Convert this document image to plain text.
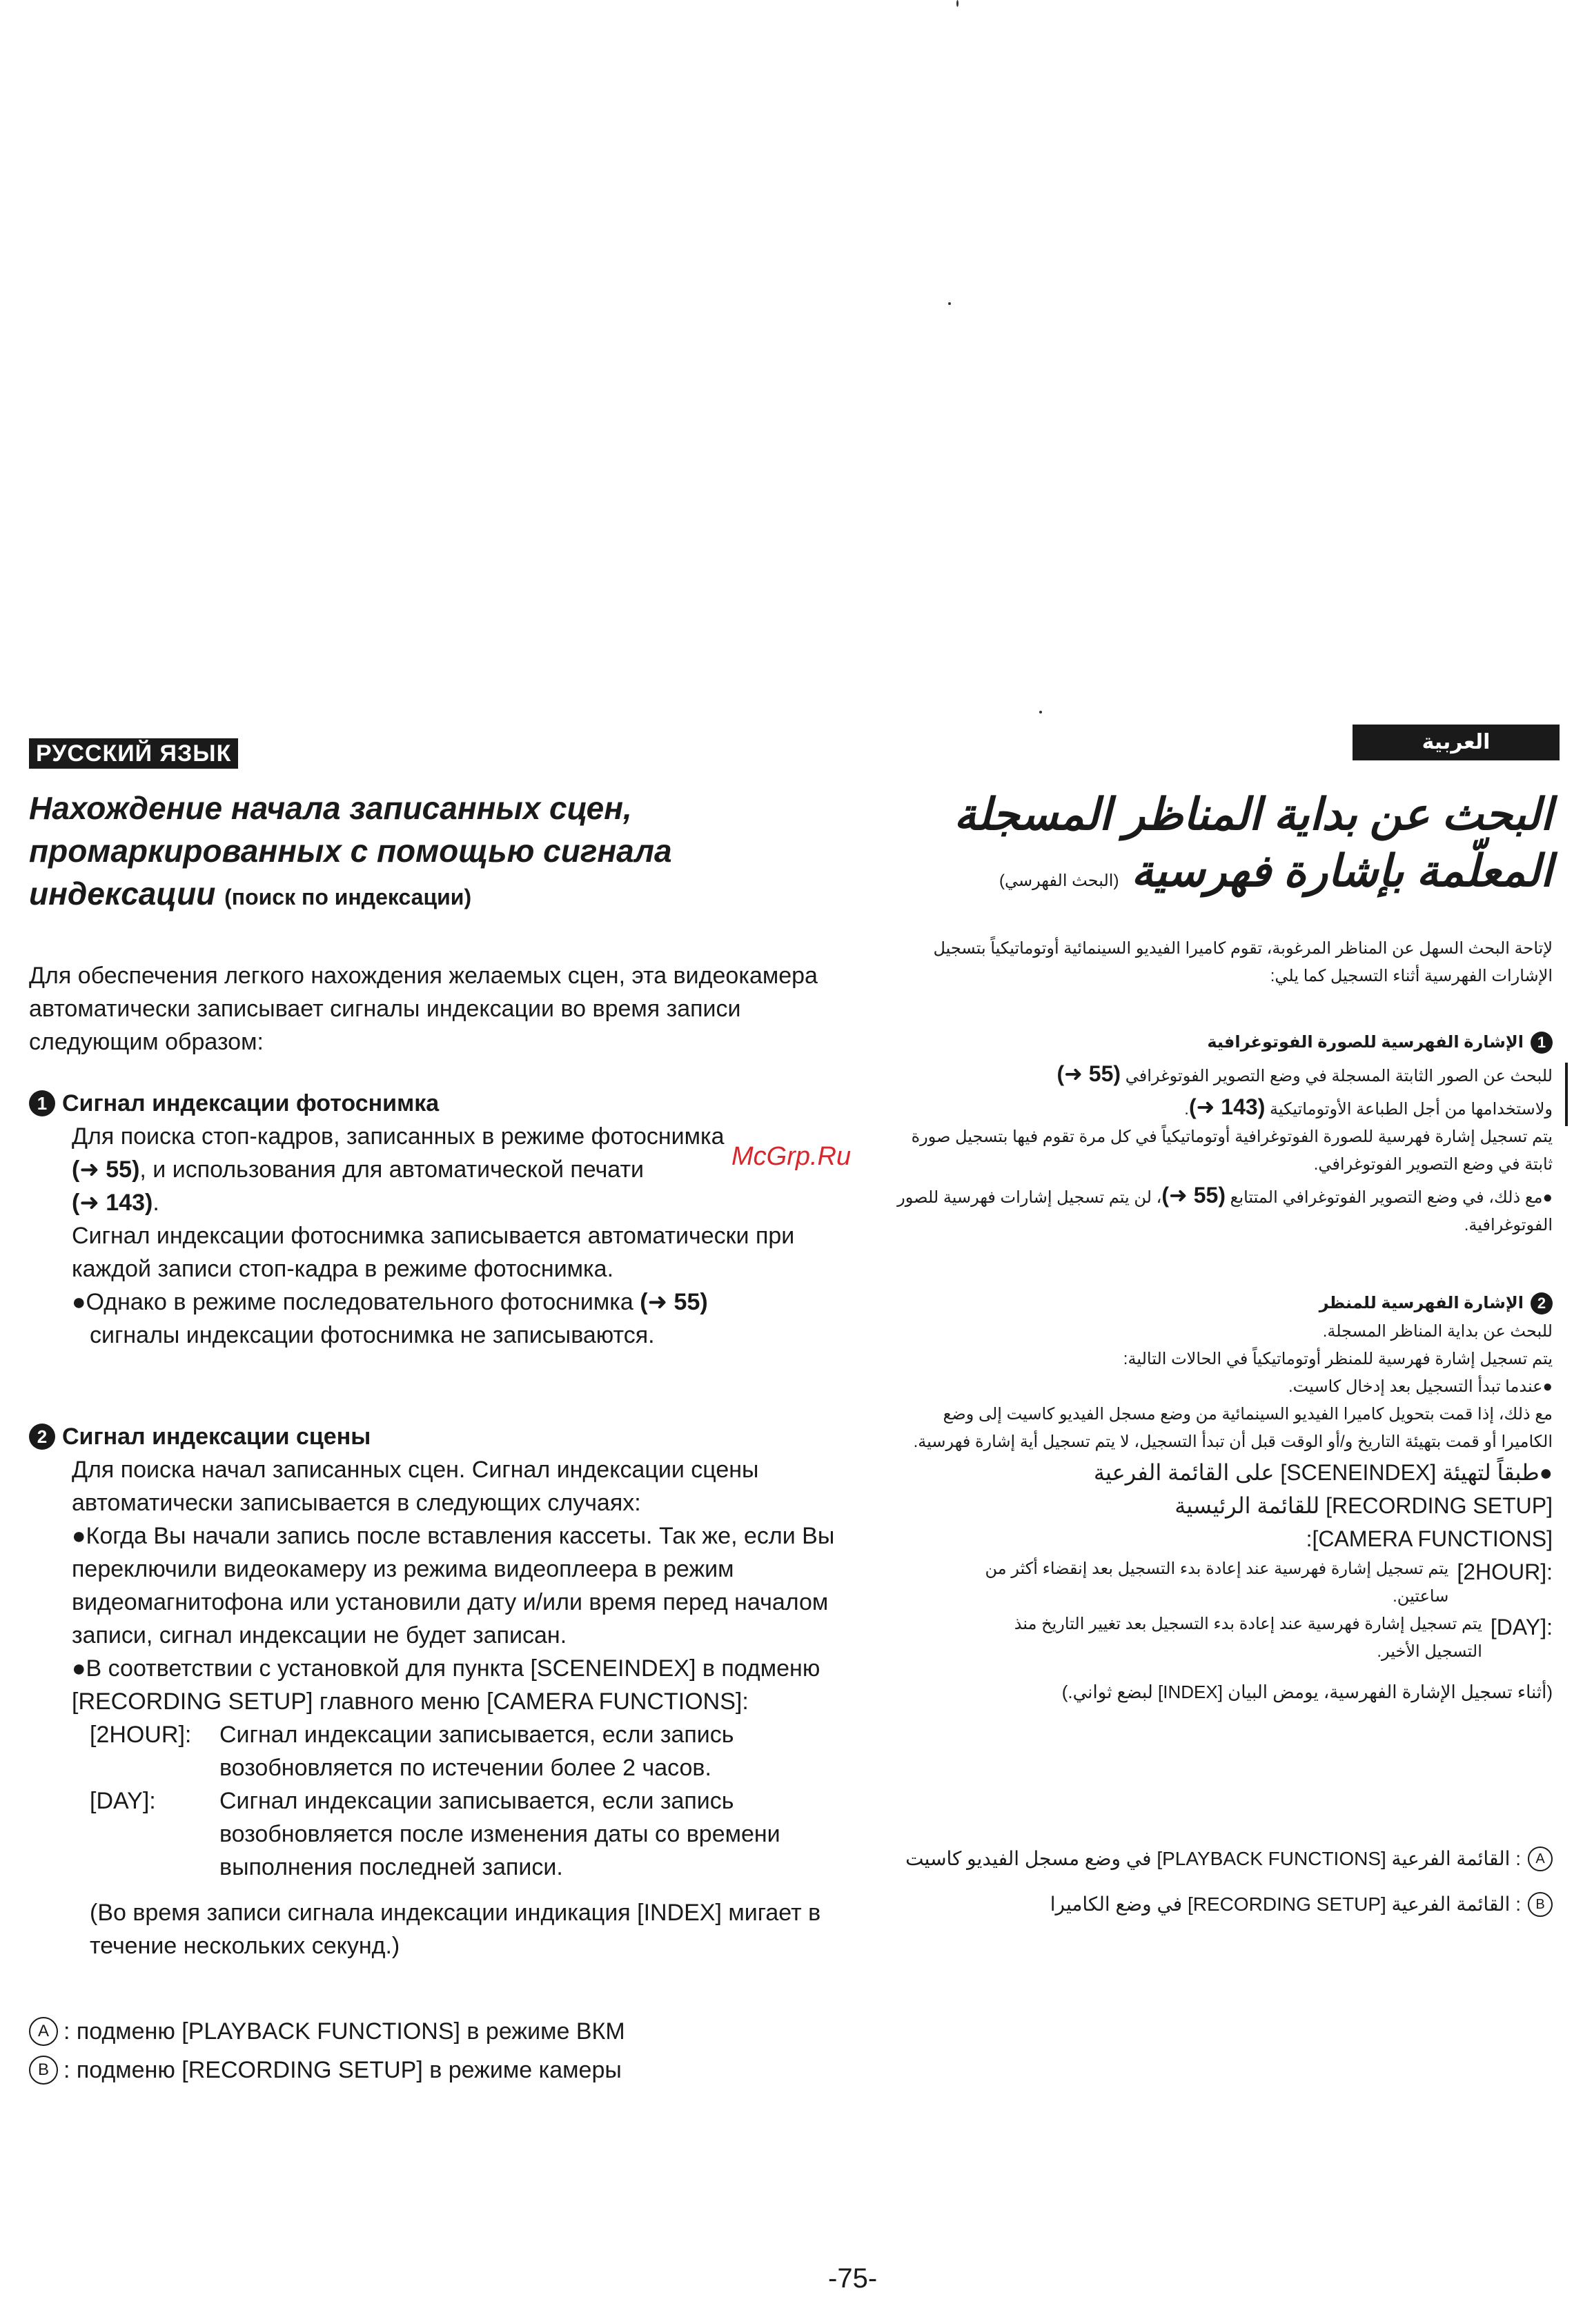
РУССКИЙ ЯЗЫК
Нахождение начала записанных сцен,
промаркированных с помощью сигнала
индексации (поиск по индексации)
Для обеспечения легкого нахождения желаемых сцен, эта видеокамера автоматически записывает сигналы индексации во время записи следующим образом:
1 Сигнал индексации фотоснимка
Для поиска стоп-кадров, записанных в режиме фотоснимка
(➜ 55), и использования для автоматической печати
(➜ 143).
Сигнал индексации фотоснимка записывается автоматически при каждой записи стоп-кадра в режиме фотоснимка.
●Однако в режиме последовательного фотоснимка (➜ 55)
сигналы индексации фотоснимка не записываются.
2 Сигнал индексации сцены
Для поиска начал записанных сцен. Сигнал индексации сцены автоматически записывается в следующих случаях:
●Когда Вы начали запись после вставления кассеты. Так же, если Вы переключили видеокамеру из режима видеоплеера в режим видеомагнитофона или установили дату и/или время перед началом записи, сигнал индексации не будет записан.
●В соответствии с установкой для пункта [SCENEINDEX] в подменю [RECORDING SETUP] главного меню [CAMERA FUNCTIONS]:
[2HOUR]:	Сигнал индексации записывается, если запись возобновляется по истечении более 2 часов.
[DAY]:	Сигнал индексации записывается, если запись возобновляется после изменения даты со времени выполнения последней записи.
(Во время записи сигнала индексации индикация [INDEX] мигает в течение нескольких секунд.)
A : подменю [PLAYBACK FUNCTIONS] в режиме ВКМ
B : подменю [RECORDING SETUP] в режиме камеры
McGrp.Ru
العربية
البحث عن بداية المناظر المسجلة
المعلّمة بإشارة فهرسية (البحث الفهرسي)
لإتاحة البحث السهل عن المناظر المرغوبة، تقوم كاميرا الفيديو السينمائية أوتوماتيكياً بتسجيل الإشارات الفهرسية أثناء التسجيل كما يلي:
1
الإشارة الفهرسية للصورة الفوتوغرافية
للبحث عن الصور الثابتة المسجلة في وضع التصوير الفوتوغرافي (➜ 55)
ولاستخدامها من أجل الطباعة الأوتوماتيكية (➜ 143).
يتم تسجيل إشارة فهرسية للصورة الفوتوغرافية أوتوماتيكياً في كل مرة تقوم فيها بتسجيل صورة ثابتة في وضع التصوير الفوتوغرافي.
●مع ذلك، في وضع التصوير الفوتوغرافي المتتابع (➜ 55)، لن يتم تسجيل إشارات فهرسية للصور الفوتوغرافية.
2
الإشارة الفهرسية للمنظر
للبحث عن بداية المناظر المسجلة.
يتم تسجيل إشارة فهرسية للمنظر أوتوماتيكياً في الحالات التالية:
●عندما تبدأ التسجيل بعد إدخال كاسيت.
مع ذلك، إذا قمت بتحويل كاميرا الفيديو السينمائية من وضع مسجل الفيديو كاسيت إلى وضع الكاميرا أو قمت بتهيئة التاريخ و/أو الوقت قبل أن تبدأ التسجيل، لا يتم تسجيل أية إشارة فهرسية.
●طبقاً لتهيئة [SCENEINDEX] على القائمة الفرعية
[RECORDING SETUP] للقائمة الرئيسية
[CAMERA FUNCTIONS]:
يتم تسجيل إشارة فهرسية عند إعادة بدء التسجيل بعد إنقضاء أكثر من ساعتين.
[2HOUR]:
يتم تسجيل إشارة فهرسية عند إعادة بدء التسجيل بعد تغيير التاريخ منذ التسجيل الأخير.
[DAY]:
(أثناء تسجيل الإشارة الفهرسية، يومض البيان [INDEX] لبضع ثواني.)
A
: القائمة الفرعية [PLAYBACK FUNCTIONS] في وضع مسجل الفيديو كاسيت
B
: القائمة الفرعية [RECORDING SETUP] في وضع الكاميرا
-75-
